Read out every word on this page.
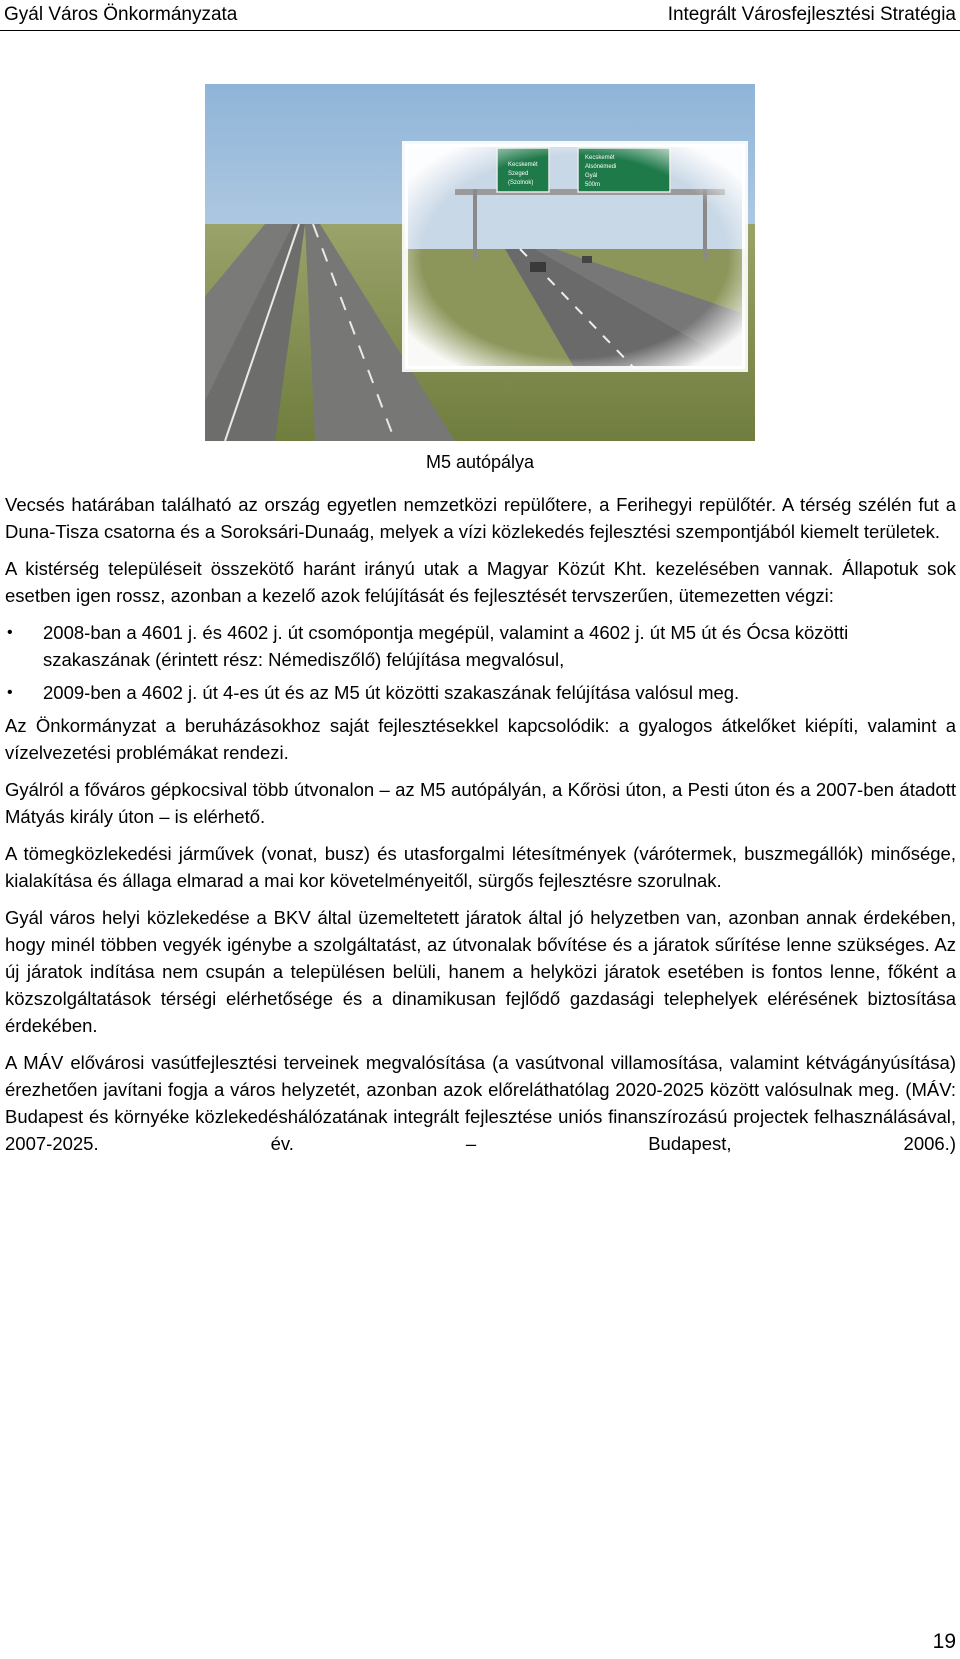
Gyál Város Önkormányzata	Integrált Városfejlesztési Stratégia
Kecskemét
Szeged
(Szolnok)
Kecskemét
Alsónémedi
Gyál
500m
M5 autópálya

Vecsés határában található az ország egyetlen nemzetközi repülőtere, a Ferihegyi repülőtér. A térség szélén fut a Duna-Tisza csatorna és a Soroksári-Dunaág, melyek a vízi közlekedés fejlesztési szempontjából kiemelt területek.

A kistérség településeit összekötő haránt irányú utak a Magyar Közút Kht. kezelésében vannak. Állapotuk sok esetben igen rossz, azonban a kezelő azok felújítását és fejlesztését tervszerűen, ütemezetten végzi:

• 2008-ban a 4601 j. és 4602 j. út csomópontja megépül, valamint a 4602 j. út M5 út és Ócsa közötti szakaszának (érintett rész: Némediszőlő) felújítása megvalósul,
• 2009-ben a 4602 j. út 4-es út és az M5 út közötti szakaszának felújítása valósul meg.

Az Önkormányzat a beruházásokhoz saját fejlesztésekkel kapcsolódik: a gyalogos átkelőket kiépíti, valamint a vízelvezetési problémákat rendezi.

Gyálról a főváros gépkocsival több útvonalon – az M5 autópályán, a Kőrösi úton, a Pesti úton és a 2007-ben átadott Mátyás király úton – is elérhető.

A tömegközlekedési járművek (vonat, busz) és utasforgalmi létesítmények (várótermek, buszmegállók) minősége, kialakítása és állaga elmarad a mai kor követelményeitől, sürgős fejlesztésre szorulnak.

Gyál város helyi közlekedése a BKV által üzemeltetett járatok által jó helyzetben van, azonban annak érdekében, hogy minél többen vegyék igénybe a szolgáltatást, az útvonalak bővítése és a járatok sűrítése lenne szükséges. Az új járatok indítása nem csupán a településen belüli, hanem a helyközi járatok esetében is fontos lenne, főként a közszolgáltatások térségi elérhetősége és a dinamikusan fejlődő gazdasági telephelyek elérésének biztosítása érdekében.

A MÁV elővárosi vasútfejlesztési terveinek megvalósítása (a vasútvonal villamosítása, valamint kétvágányúsítása) érezhetően javítani fogja a város helyzetét, azonban azok előreláthatólag 2020-2025 között valósulnak meg. (MÁV: Budapest és környéke közlekedéshálózatának integrált fejlesztése uniós finanszírozású projectek felhasználásával, 2007-2025. év. – Budapest, 2006.)

19
